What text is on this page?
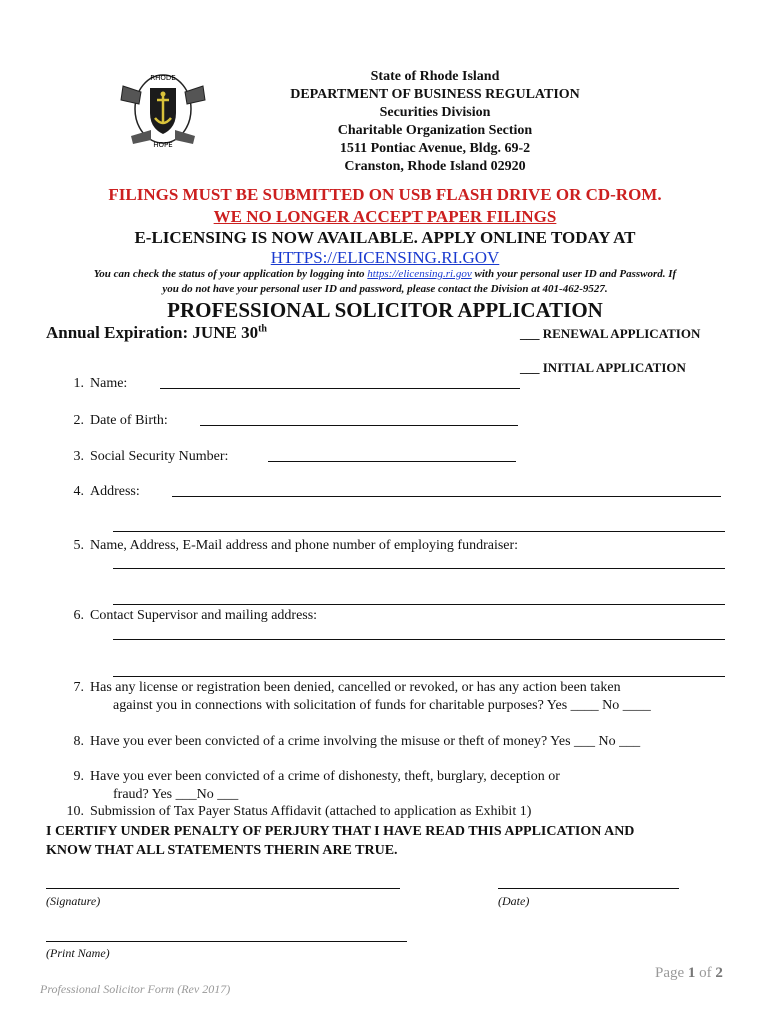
RHODE
HOPE
State of Rhode Island
DEPARTMENT OF BUSINESS REGULATION
Securities Division
Charitable Organization Section
1511 Pontiac Avenue, Bldg. 69-2
Cranston, Rhode Island 02920
FILINGS MUST BE SUBMITTED ON USB FLASH DRIVE OR CD-ROM.
WE NO LONGER ACCEPT PAPER FILINGS
E-LICENSING IS NOW AVAILABLE. APPLY ONLINE TODAY AT
HTTPS://ELICENSING.RI.GOV
You can check the status of your application by logging into https://elicensing.ri.gov with your personal user ID and Password. If
you do not have your personal user ID and password, please contact the Division at 401-462-9527.
PROFESSIONAL SOLICITOR APPLICATION
Annual Expiration: JUNE 30th	___ RENEWAL APPLICATION
___ INITIAL APPLICATION
1. Name:
2. Date of Birth:
3. Social Security Number:
4. Address:
5. Name, Address, E-Mail address and phone number of employing fundraiser:
6. Contact Supervisor and mailing address:
7. Has any license or registration been denied, cancelled or revoked, or has any action been taken
against you in connections with solicitation of funds for charitable purposes? Yes ____ No ____
8. Have you ever been convicted of a crime involving the misuse or theft of money? Yes ___ No ___
9. Have you ever been convicted of a crime of dishonesty, theft, burglary, deception or
fraud? Yes ___No ___
10. Submission of Tax Payer Status Affidavit (attached to application as Exhibit 1)
I CERTIFY UNDER PENALTY OF PERJURY THAT I HAVE READ THIS APPLICATION AND
KNOW THAT ALL STATEMENTS THERIN ARE TRUE.
(Signature)	(Date)
(Print Name)
Page 1 of 2
Professional Solicitor Form (Rev 2017)
